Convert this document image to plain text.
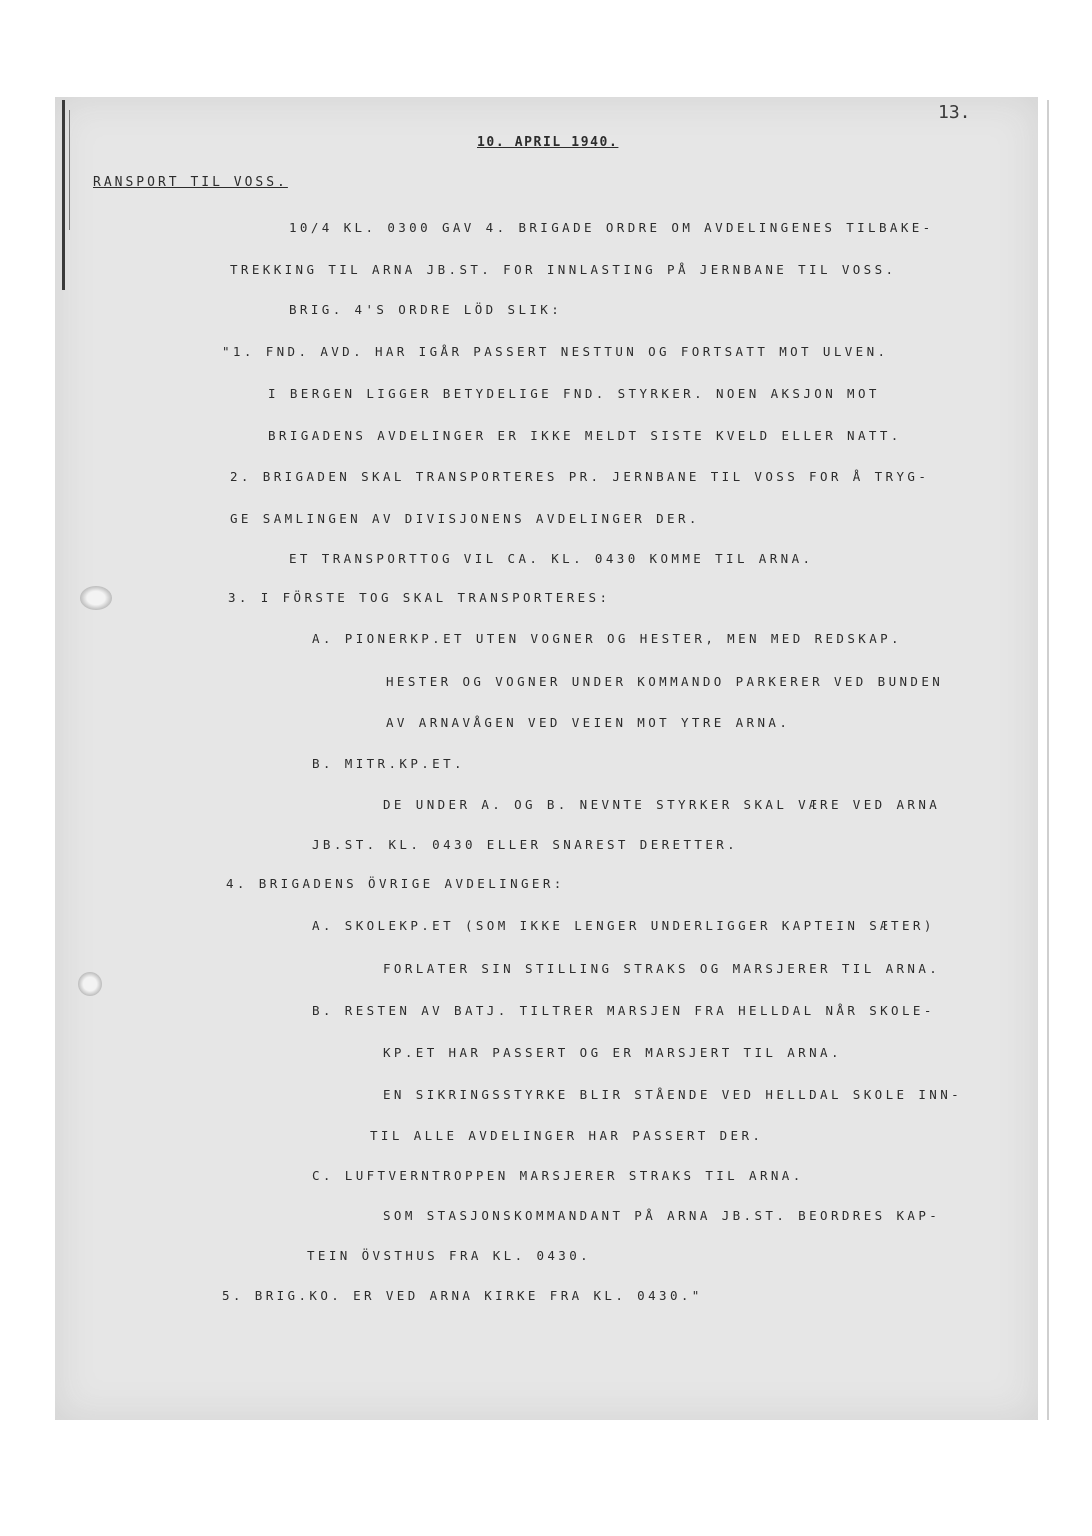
13.

10. APRIL 1940.

RANSPORT TIL VOSS.

10/4 KL. 0300 GAV 4. BRIGADE ORDRE OM AVDELINGENES TILBAKE-

TREKKING TIL ARNA JB.ST. FOR INNLASTING PÅ JERNBANE TIL VOSS.

BRIG. 4'S ORDRE LÖD SLIK:

"1. FND. AVD. HAR IGÅR PASSERT NESTTUN OG FORTSATT MOT ULVEN.

I BERGEN LIGGER BETYDELIGE FND. STYRKER. NOEN AKSJON MOT

BRIGADENS AVDELINGER ER IKKE MELDT SISTE KVELD ELLER NATT.

2. BRIGADEN SKAL TRANSPORTERES PR. JERNBANE TIL VOSS FOR Å TRYG-

GE SAMLINGEN AV DIVISJONENS AVDELINGER DER.

ET TRANSPORTTOG VIL CA. KL. 0430 KOMME TIL ARNA.

3. I FÖRSTE TOG SKAL TRANSPORTERES:

A. PIONERKP.ET UTEN VOGNER OG HESTER, MEN MED REDSKAP.

HESTER OG VOGNER UNDER KOMMANDO PARKERER VED BUNDEN

AV ARNAVÅGEN VED VEIEN MOT YTRE ARNA.

B. MITR.KP.ET.

DE UNDER A. OG B. NEVNTE STYRKER SKAL VÆRE VED ARNA

JB.ST. KL. 0430 ELLER SNAREST DERETTER.

4. BRIGADENS ÖVRIGE AVDELINGER:

A. SKOLEKP.ET (SOM IKKE LENGER UNDERLIGGER KAPTEIN SÆTER)

FORLATER SIN STILLING STRAKS OG MARSJERER TIL ARNA.

B. RESTEN AV BATJ. TILTRER MARSJEN FRA HELLDAL NÅR SKOLE-

KP.ET HAR PASSERT OG ER MARSJERT TIL ARNA.

EN SIKRINGSSTYRKE BLIR STÅENDE VED HELLDAL SKOLE INN-

TIL ALLE AVDELINGER HAR PASSERT DER.

C. LUFTVERNTROPPEN MARSJERER STRAKS TIL ARNA.

SOM STASJONSKOMMANDANT PÅ ARNA JB.ST. BEORDRES KAP-

TEIN ÖVSTHUS FRA KL. 0430.

5. BRIG.KO. ER VED ARNA KIRKE FRA KL. 0430."
